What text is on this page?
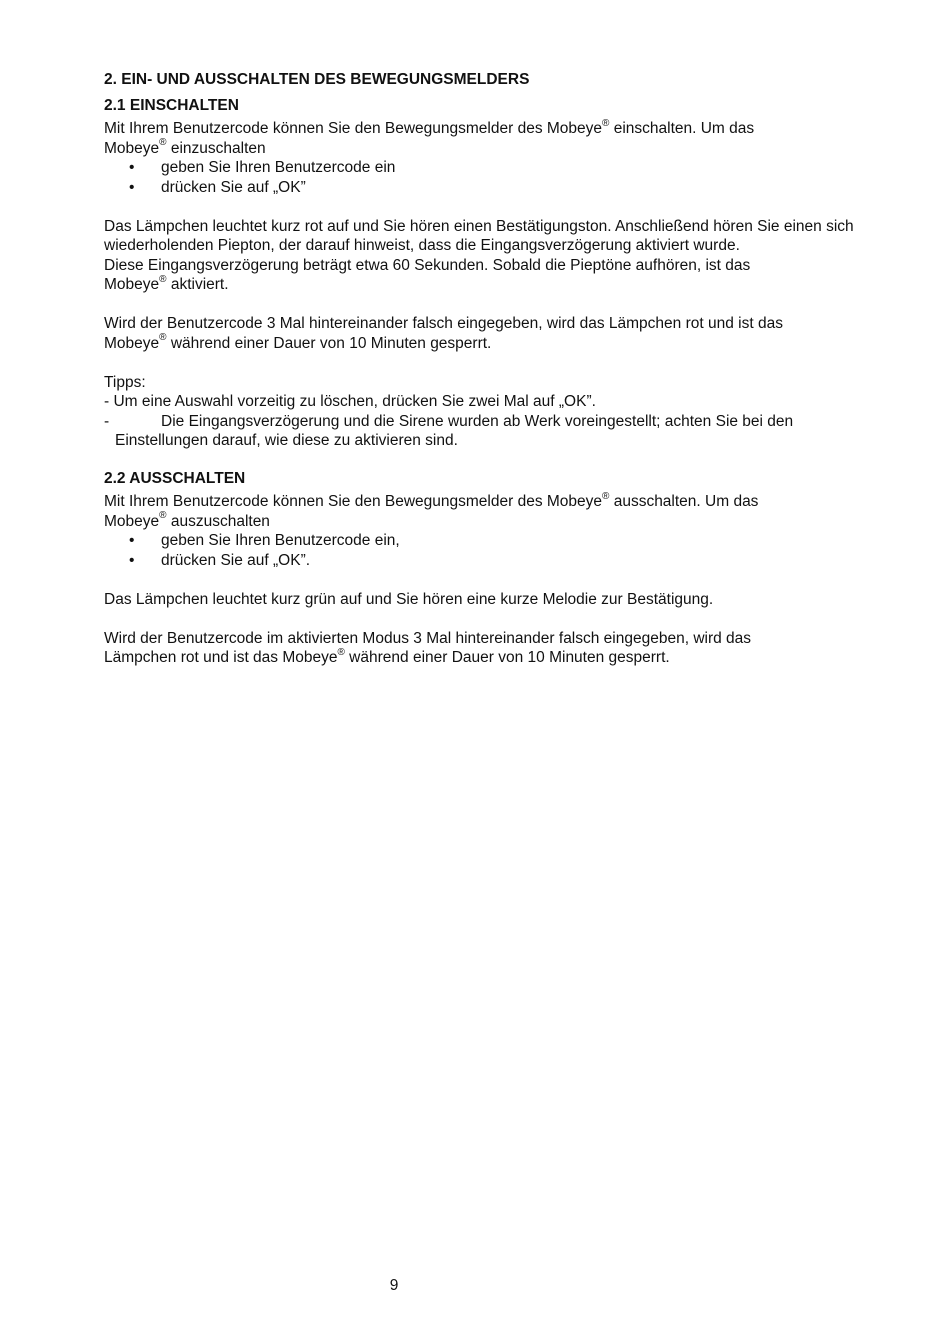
2. EIN- UND AUSSCHALTEN DES BEWEGUNGSMELDERS
2.1 EINSCHALTEN

Mit Ihrem Benutzercode können Sie den Bewegungsmelder des Mobeye® einschalten. Um das
Mobeye® einzuschalten

• geben Sie Ihren Benutzercode ein
• drücken Sie auf „OK”

Das Lämpchen leuchtet kurz rot auf und Sie hören einen Bestätigungston. Anschließend hören Sie einen sich wiederholenden Piepton, der darauf hinweist, dass die Eingangsverzögerung aktiviert wurde.

Diese Eingangsverzögerung beträgt etwa 60 Sekunden. Sobald die Pieptöne aufhören, ist das
Mobeye® aktiviert.

Wird der Benutzercode 3 Mal hintereinander falsch eingegeben, wird das Lämpchen rot und ist das
Mobeye® während einer Dauer von 10 Minuten gesperrt.

Tipps:

- Um eine Auswahl vorzeitig zu löschen, drücken Sie zwei Mal auf „OK”.

-	Die Eingangsverzögerung und die Sirene wurden ab Werk voreingestellt; achten Sie bei den

Einstellungen darauf, wie diese zu aktivieren sind.

2.2 AUSSCHALTEN

Mit Ihrem Benutzercode können Sie den Bewegungsmelder des Mobeye® ausschalten. Um das
Mobeye® auszuschalten

• geben Sie Ihren Benutzercode ein,
• drücken Sie auf „OK”.

Das Lämpchen leuchtet kurz grün auf und Sie hören eine kurze Melodie zur Bestätigung.

Wird der Benutzercode im aktivierten Modus 3 Mal hintereinander falsch eingegeben, wird das
Lämpchen rot und ist das Mobeye® während einer Dauer von 10 Minuten gesperrt.

9
